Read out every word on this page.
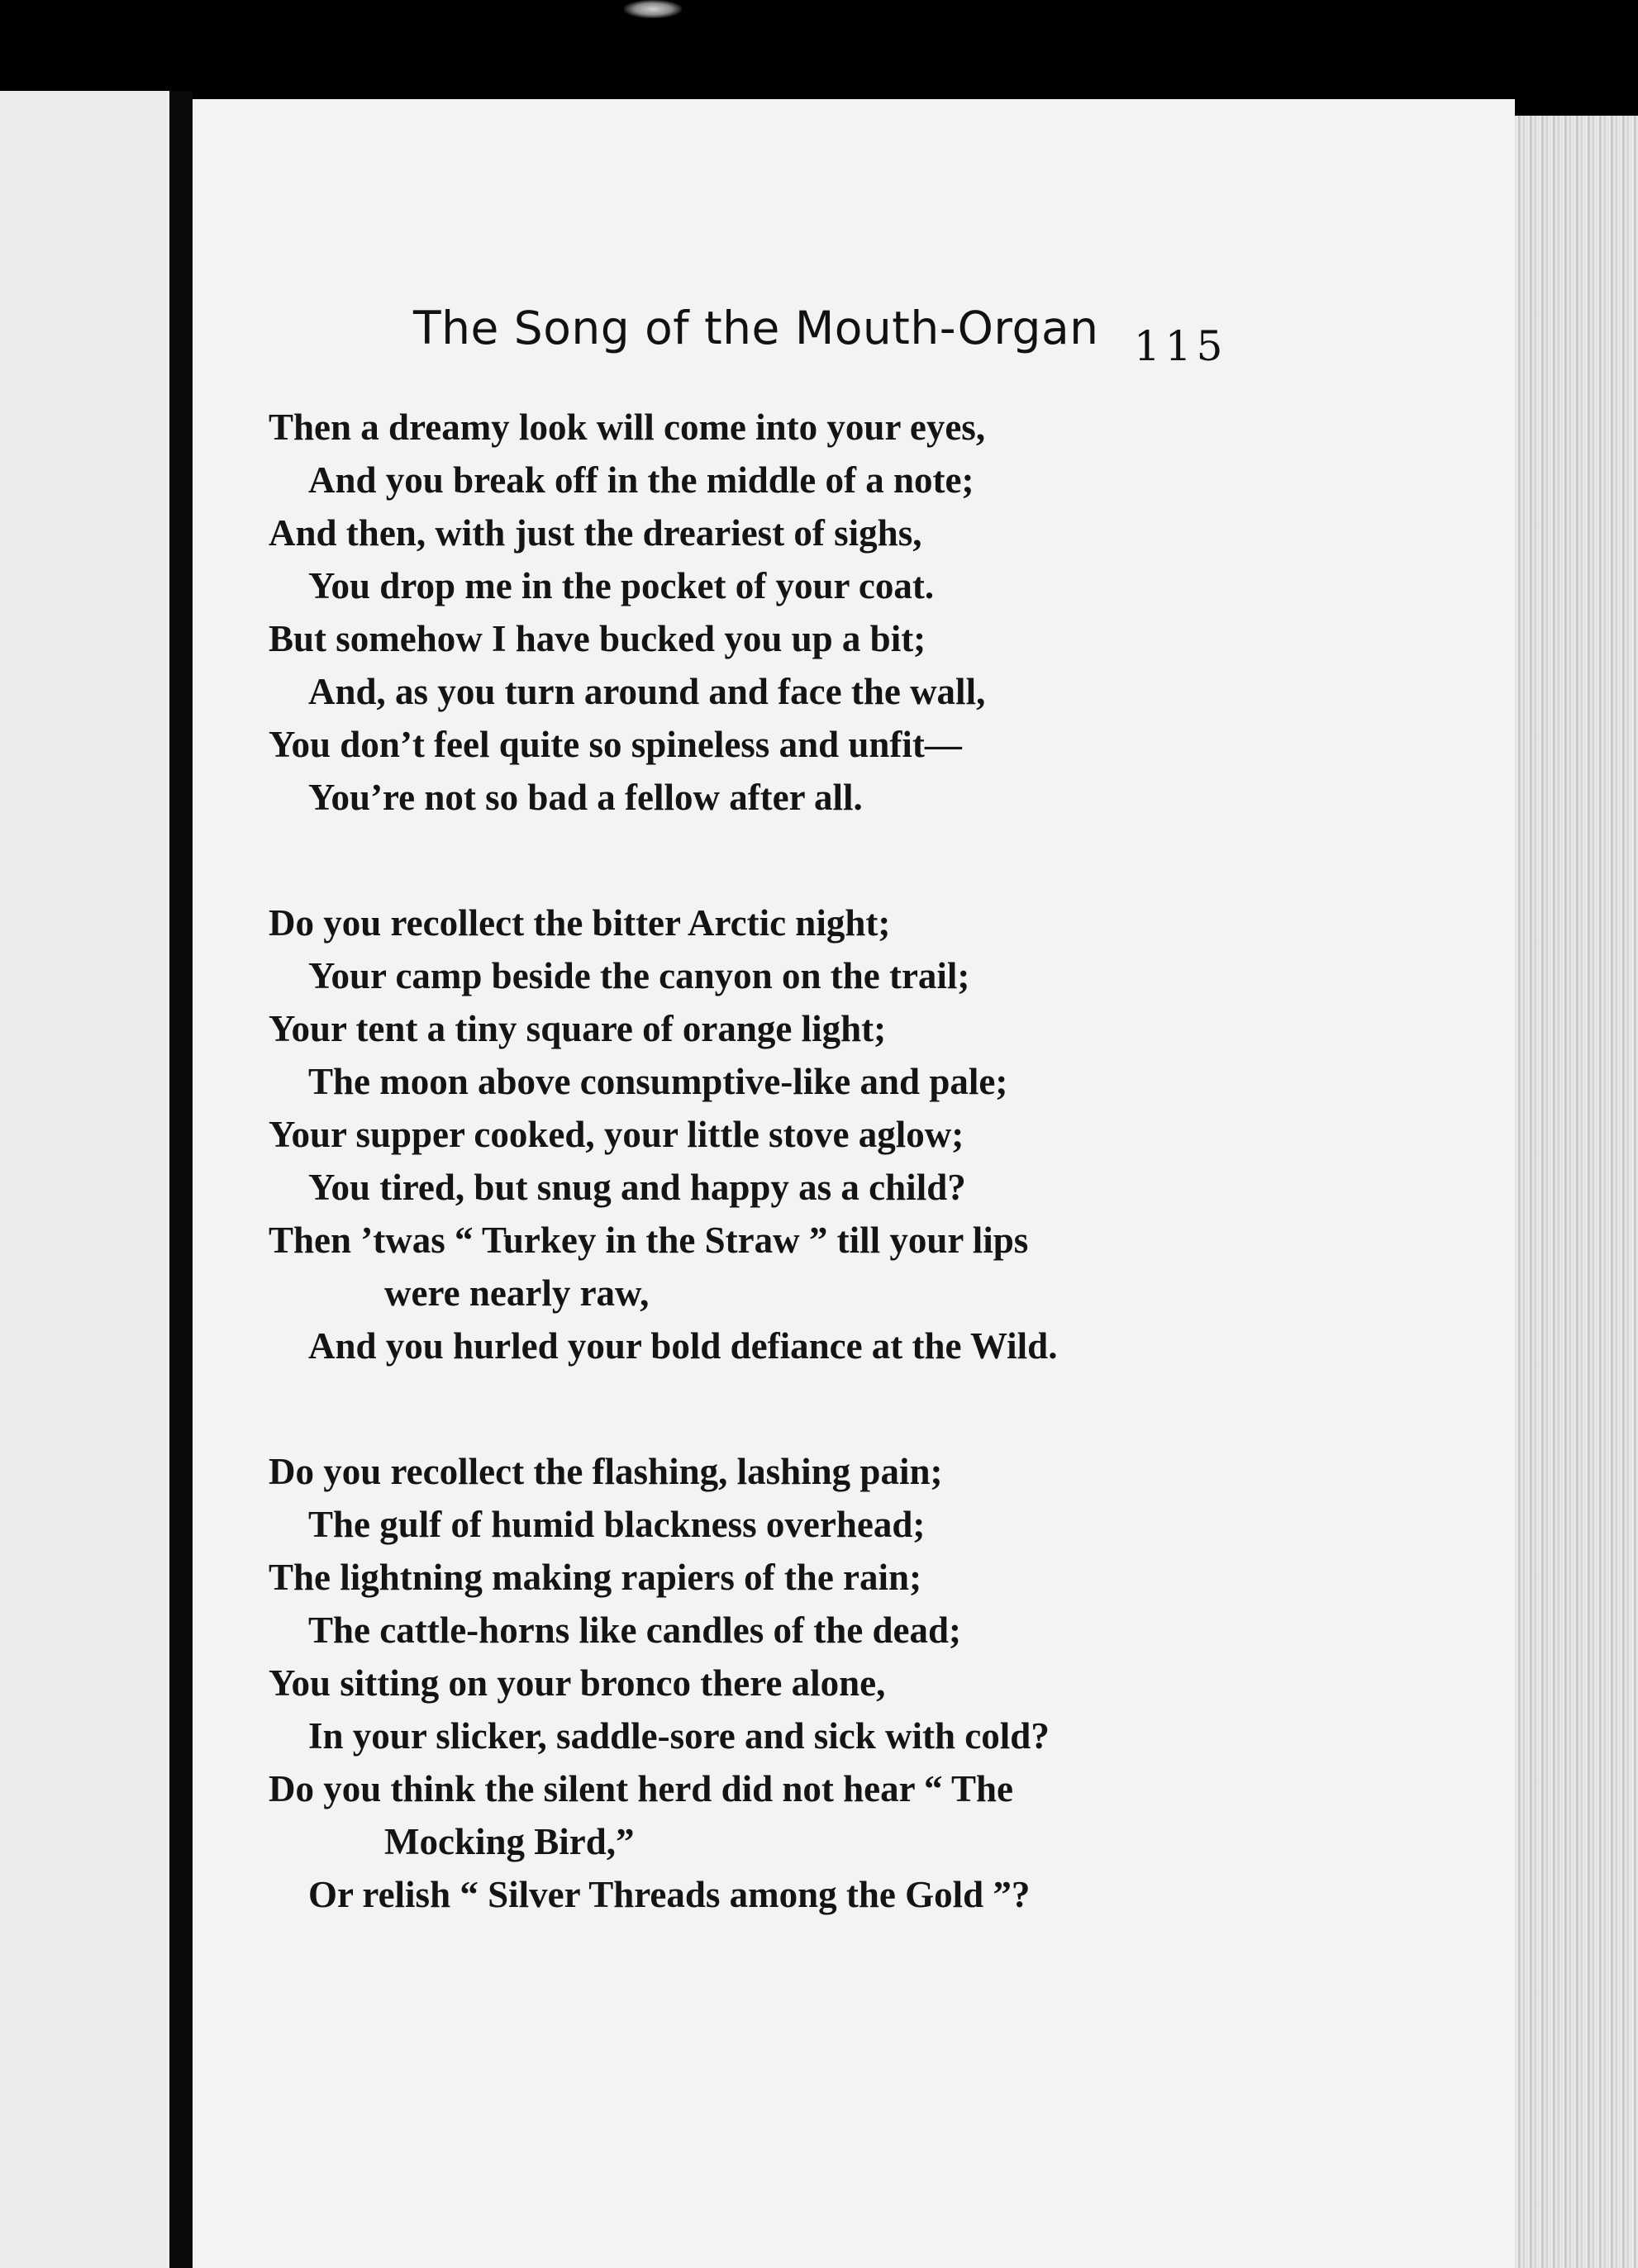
The Song of the Mouth-Organ 115
Then a dreamy look will come into your eyes,
And you break off in the middle of a note;
And then, with just the dreariest of sighs,
You drop me in the pocket of your coat.
But somehow I have bucked you up a bit;
And, as you turn around and face the wall,
You don’t feel quite so spineless and unfit—
You’re not so bad a fellow after all.
Do you recollect the bitter Arctic night;
Your camp beside the canyon on the trail;
Your tent a tiny square of orange light;
The moon above consumptive-like and pale;
Your supper cooked, your little stove aglow;
You tired, but snug and happy as a child?
Then ’twas “ Turkey in the Straw ” till your lips
were nearly raw,
And you hurled your bold defiance at the Wild.
Do you recollect the flashing, lashing pain;
The gulf of humid blackness overhead;
The lightning making rapiers of the rain;
The cattle-horns like candles of the dead;
You sitting on your bronco there alone,
In your slicker, saddle-sore and sick with cold?
Do you think the silent herd did not hear “ The
Mocking Bird,”
Or relish “ Silver Threads among the Gold ”?
